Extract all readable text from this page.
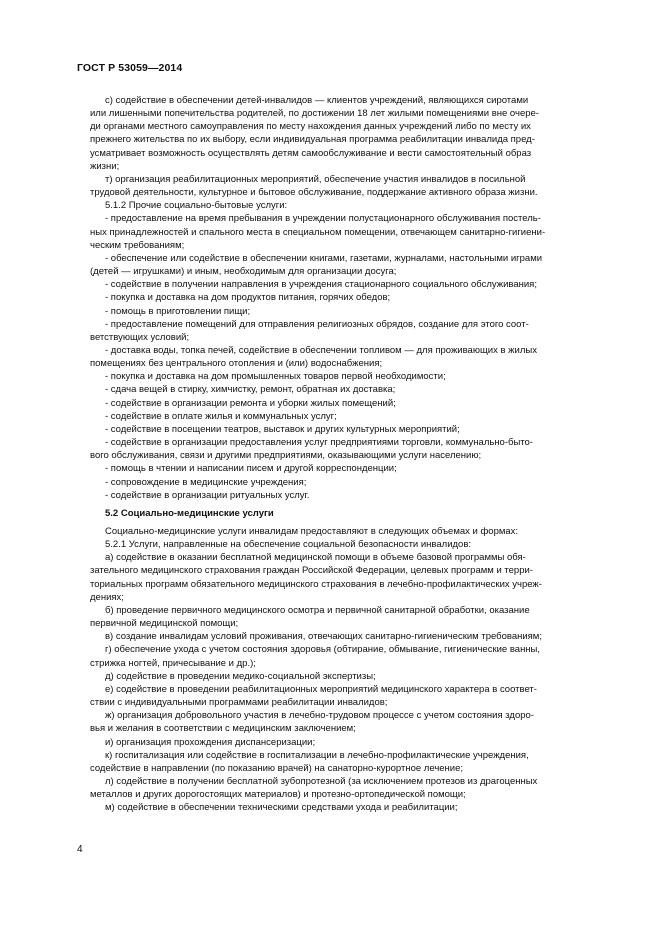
ГОСТ Р 53059—2014
с) содействие в обеспечении детей-инвалидов — клиентов учреждений, являющихся сиротами
или лишенными попечительства родителей, по достижении 18 лет жилыми помещениями вне очере-
ди органами местного самоуправления по месту нахождения данных учреждений либо по месту их
прежнего жительства по их выбору, если индивидуальная программа реабилитации инвалида пред-
усматривает возможность осуществлять детям самообслуживание и вести самостоятельный образ
жизни;
т) организация реабилитационных мероприятий, обеспечение участия инвалидов в посильной
трудовой деятельности, культурное и бытовое обслуживание, поддержание активного образа жизни.
5.1.2 Прочие социально-бытовые услуги:
- предоставление на время пребывания в учреждении полустационарного обслуживания постель-
ных принадлежностей и спального места в специальном помещении, отвечающем санитарно-гигиени-
ческим требованиям;
- обеспечение или содействие в обеспечении книгами, газетами, журналами, настольными играми
(детей — игрушками) и иным, необходимым для организации досуга;
- содействие в получении направления в учреждения стационарного социального обслуживания;
- покупка и доставка на дом продуктов питания, горячих обедов;
- помощь в приготовлении пищи;
- предоставление помещений для отправления религиозных обрядов, создание для этого соот-
ветствующих условий;
- доставка воды, топка печей, содействие в обеспечении топливом — для проживающих в жилых
помещениях без центрального отопления и (или) водоснабжения;
- покупка и доставка на дом промышленных товаров первой необходимости;
- сдача вещей в стирку, химчистку, ремонт, обратная их доставка;
- содействие в организации ремонта и уборки жилых помещений;
- содействие в оплате жилья и коммунальных услуг;
- содействие в посещении театров, выставок и других культурных мероприятий;
- содействие в организации предоставления услуг предприятиями торговли, коммунально-быто-
вого обслуживания, связи и другими предприятиями, оказывающими услуги населению;
- помощь в чтении и написании писем и другой корреспонденции;
- сопровождение в медицинские учреждения;
- содействие в организации ритуальных услуг.
5.2 Социально-медицинские услуги
Социально-медицинские услуги инвалидам предоставляют в следующих объемах и формах:
5.2.1 Услуги, направленные на обеспечение социальной безопасности инвалидов:
а) содействие в оказании бесплатной медицинской помощи в объеме базовой программы обя-
зательного медицинского страхования граждан Российской Федерации, целевых программ и терри-
ториальных программ обязательного медицинского страхования в лечебно-профилактических учреж-
дениях;
б) проведение первичного медицинского осмотра и первичной санитарной обработки, оказание
первичной медицинской помощи;
в) создание инвалидам условий проживания, отвечающих санитарно-гигиеническим требованиям;
г) обеспечение ухода с учетом состояния здоровья (обтирание, обмывание, гигиенические ванны,
стрижка ногтей, причесывание и др.);
д) содействие в проведении медико-социальной экспертизы;
е) содействие в проведении реабилитационных мероприятий медицинского характера в соответ-
ствии с индивидуальными программами реабилитации инвалидов;
ж) организация добровольного участия в лечебно-трудовом процессе с учетом состояния здоро-
вья и желания в соответствии с медицинским заключением;
и) организация прохождения диспансеризации;
к) госпитализация или содействие в госпитализации в лечебно-профилактические учреждения,
содействие в направлении (по показанию врачей) на санаторно-курортное лечение;
л) содействие в получении бесплатной зубопротезной (за исключением протезов из драгоценных
металлов и других дорогостоящих материалов) и протезно-ортопедической помощи;
м) содействие в обеспечении техническими средствами ухода и реабилитации;
4
